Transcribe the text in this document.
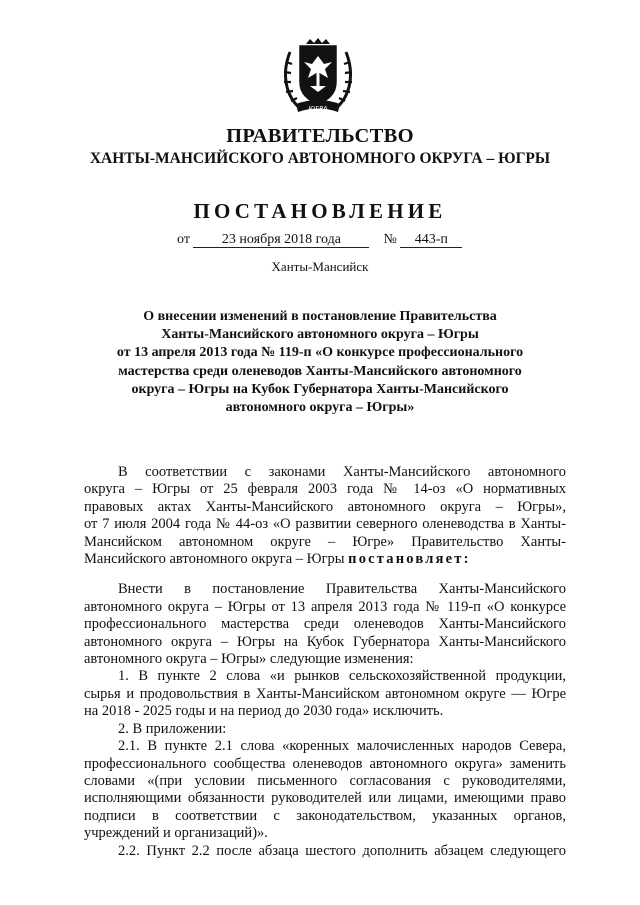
ЮГРА
ПРАВИТЕЛЬСТВО
ХАНТЫ-МАНСИЙСКОГО АВТОНОМНОГО ОКРУГА – ЮГРЫ
ПОСТАНОВЛЕНИЕ
от 23 ноября 2018 года	№ 443-п
Ханты-Мансийск
О внесении изменений в постановление Правительства
Ханты-Мансийского автономного округа – Югры
от 13 апреля 2013 года № 119-п «О конкурсе профессионального
мастерства среди оленеводов Ханты-Мансийского автономного
округа – Югры на Кубок Губернатора Ханты-Мансийского
автономного округа – Югры»
В соответствии с законами Ханты-Мансийского автономного
округа – Югры от 25 февраля 2003 года № 14-оз «О нормативных
правовых актах Ханты-Мансийского автономного округа – Югры»,
от 7 июля 2004 года № 44-оз «О развитии северного оленеводства в Ханты-
Мансийском автономном округе – Югре» Правительство Ханты-
Мансийского автономного округа – Югры постановляет:
Внести в постановление Правительства Ханты-Мансийского
автономного округа – Югры от 13 апреля 2013 года № 119-п «О конкурсе
профессионального мастерства среди оленеводов Ханты-Мансийского
автономного округа – Югры на Кубок Губернатора Ханты-Мансийского
автономного округа – Югры» следующие изменения:
1. В пункте 2 слова «и рынков сельскохозяйственной продукции,
сырья и продовольствия в Ханты-Мансийском автономном округе — Югре
на 2018 - 2025 годы и на период до 2030 года» исключить.
2. В приложении:
2.1. В пункте 2.1 слова «коренных малочисленных народов Севера,
профессионального сообщества оленеводов автономного округа» заменить
словами «(при условии письменного согласования с руководителями,
исполняющими обязанности руководителей или лицами, имеющими право
подписи в соответствии с законодательством, указанных органов,
учреждений и организаций)».
2.2. Пункт 2.2 после абзаца шестого дополнить абзацем следующего
